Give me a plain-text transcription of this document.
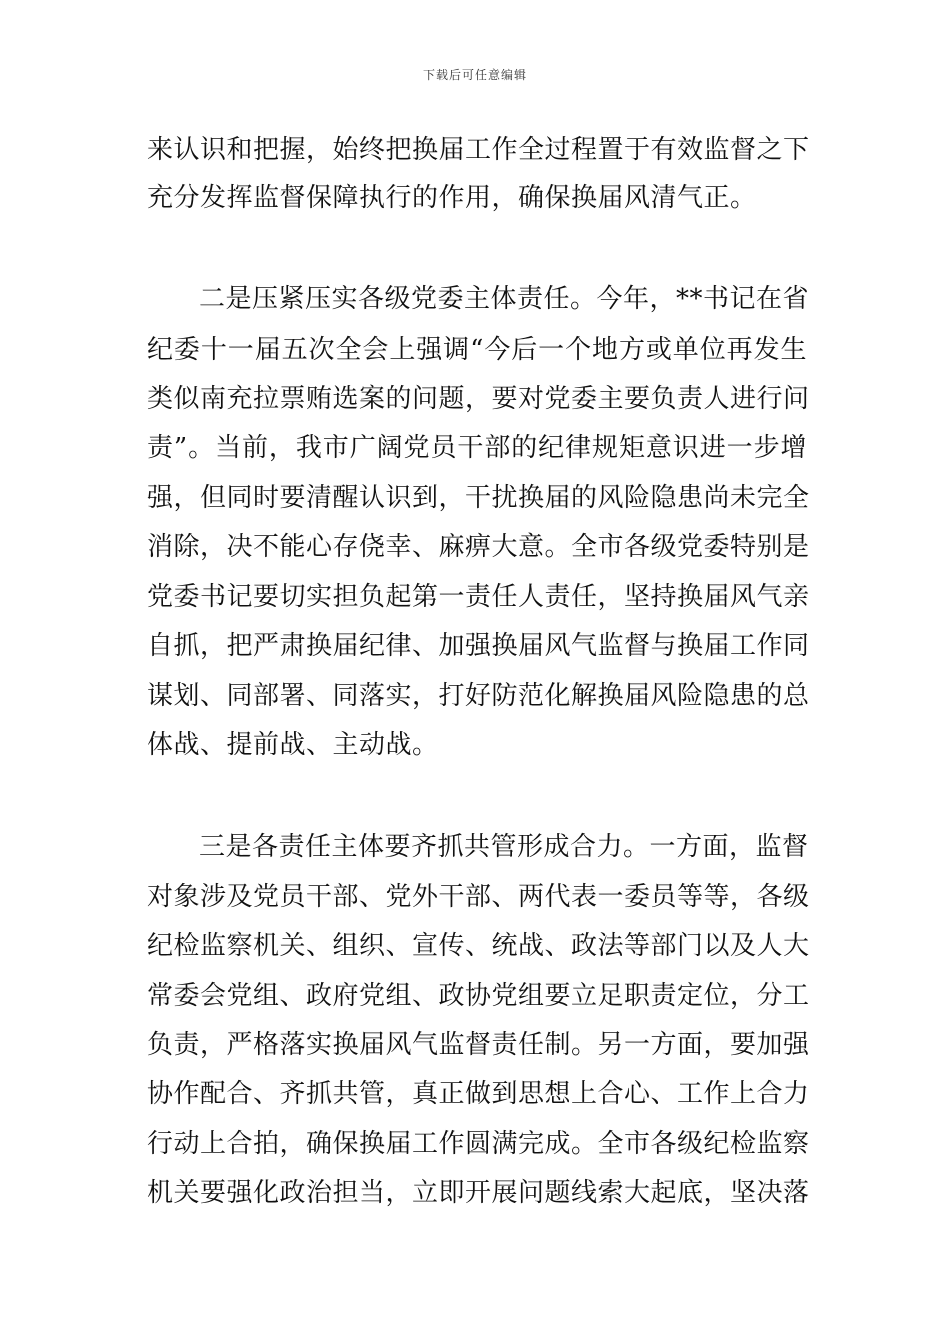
下载后可任意编辑
来认识和把握，始终把换届工作全过程置于有效监督之下
充分发挥监督保障执行的作用，确保换届风清气正。
二是压紧压实各级党委主体责任。今年，**书记在省
纪委十一届五次全会上强调“今后一个地方或单位再发生
类似南充拉票贿选案的问题，要对党委主要负责人进行问
责”。当前，我市广阔党员干部的纪律规矩意识进一步增
强，但同时要清醒认识到，干扰换届的风险隐患尚未完全
消除，决不能心存侥幸、麻痹大意。全市各级党委特别是
党委书记要切实担负起第一责任人责任，坚持换届风气亲
自抓，把严肃换届纪律、加强换届风气监督与换届工作同
谋划、同部署、同落实，打好防范化解换届风险隐患的总
体战、提前战、主动战。
三是各责任主体要齐抓共管形成合力。一方面，监督
对象涉及党员干部、党外干部、两代表一委员等等，各级
纪检监察机关、组织、宣传、统战、政法等部门以及人大
常委会党组、政府党组、政协党组要立足职责定位，分工
负责，严格落实换届风气监督责任制。另一方面，要加强
协作配合、齐抓共管，真正做到思想上合心、工作上合力
行动上合拍，确保换届工作圆满完成。全市各级纪检监察
机关要强化政治担当，立即开展问题线索大起底，坚决落
